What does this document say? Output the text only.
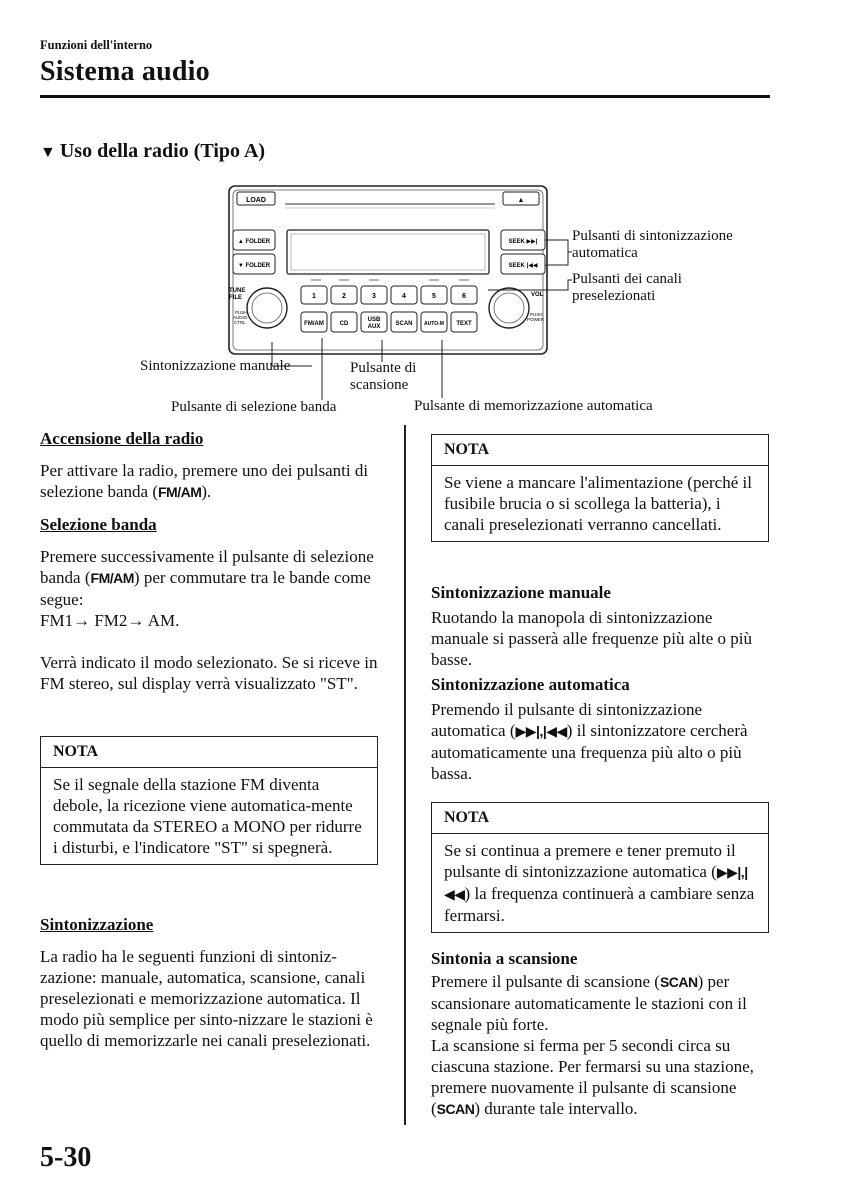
Funzioni dell'interno
Sistema audio
▼ Uso della radio (Tipo A)
LOAD	▲
▲ FOLDER
▼ FOLDER
SEEK ▶▶|
SEEK |◀◀
TUNE FILE
PUSH AUDIO CTRL
VOL
PUSH POWER
1	2	3	4	5	6
FM/AM	CD
USB AUX	SCAN AUTO-M TEXT
Pulsanti di sintonizzazione automatica
Pulsanti dei canali preselezionati
Sintonizzazione manuale	Pulsante di scansione
Pulsante di selezione banda	Pulsante di memorizzazione automatica

Accensione della radio

Per attivare la radio, premere uno dei pulsanti di selezione banda (FM/AM).

Selezione banda

Premere successivamente il pulsante di selezione banda (FM/AM) per commutare tra le bande come segue:

FM1→ FM2→ AM.

Verrà indicato il modo selezionato. Se si riceve in FM stereo, sul display verrà visualizzato "ST".

NOTA
Se il segnale della stazione FM diventa debole, la ricezione viene automatica-mente commutata da STEREO a MONO per ridurre i disturbi, e l'indicatore "ST" si spegnerà.

Sintonizzazione

La radio ha le seguenti funzioni di sintoniz-zazione: manuale, automatica, scansione, canali preselezionati e memorizzazione automatica. Il modo più semplice per sinto-nizzare le stazioni è quello di memorizzarle nei canali preselezionati.

NOTA
Se viene a mancare l'alimentazione (perché il fusibile brucia o si scollega la batteria), i canali preselezionati verranno cancellati.

Sintonizzazione manuale

Ruotando la manopola di sintonizzazione manuale si passerà alle frequenze più alte o più basse.

Sintonizzazione automatica

Premendo il pulsante di sintonizzazione automatica (▶▶|,|◀◀) il sintonizzatore cercherà automaticamente una frequenza più alto o più bassa.

NOTA
Se si continua a premere e tener premuto il pulsante di sintonizzazione automatica (▶▶|,|◀◀) la frequenza continuerà a cambiare senza fermarsi.

Sintonia a scansione

Premere il pulsante di scansione (SCAN) per scansionare automaticamente le stazioni con il segnale più forte.

La scansione si ferma per 5 secondi circa su ciascuna stazione. Per fermarsi su una stazione, premere nuovamente il pulsante di scansione (SCAN) durante tale intervallo.

5-30
